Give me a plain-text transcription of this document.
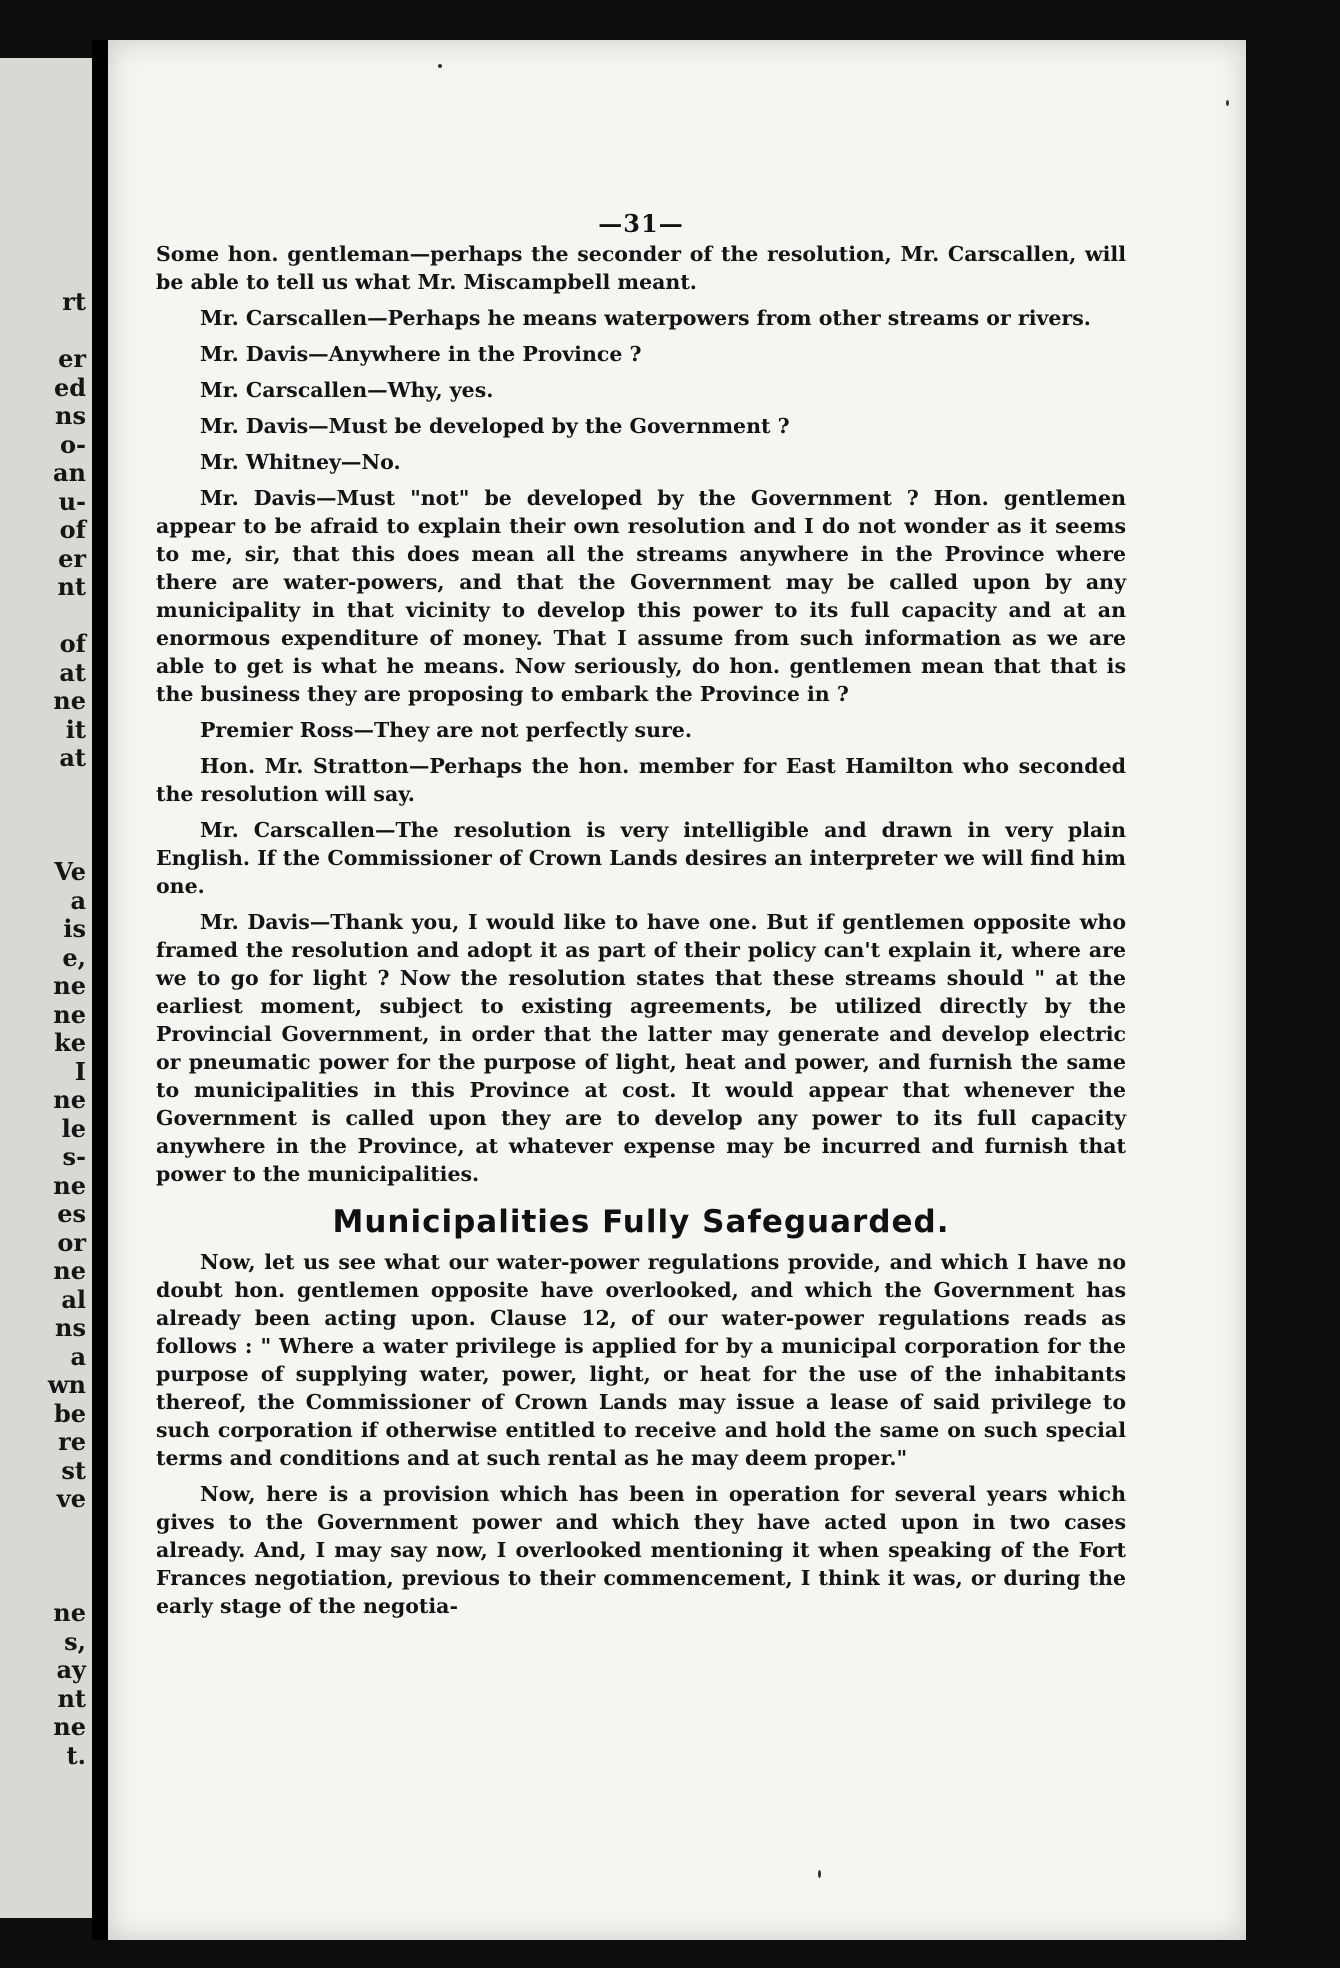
rt
er
ed
ns
o-
an
u-
of
er
nt
of
at
ne
it
at
Ve
a
is
e,
ne
ne
ke
I
ne
le
s-
ne
es
or
ne
al
ns
a
wn
be
re
st
ve
ne
s,
ay
nt
ne
t.
—31—

Some hon. gentleman—perhaps the seconder of the resolution, Mr. Carscallen, will be able to tell us what Mr. Miscampbell meant.

Mr. Carscallen—Perhaps he means waterpowers from other streams or rivers.

Mr. Davis—Anywhere in the Province ?

Mr. Carscallen—Why, yes.

Mr. Davis—Must be developed by the Government ?

Mr. Whitney—No.

Mr. Davis—Must "not" be developed by the Government ? Hon. gentlemen appear to be afraid to explain their own resolution and I do not wonder as it seems to me, sir, that this does mean all the streams anywhere in the Province where there are water-powers, and that the Government may be called upon by any municipality in that vicinity to develop this power to its full capacity and at an enormous expenditure of money. That I assume from such information as we are able to get is what he means. Now seriously, do hon. gentlemen mean that that is the business they are proposing to embark the Province in ?

Premier Ross—They are not perfectly sure.

Hon. Mr. Stratton—Perhaps the hon. member for East Hamilton who seconded the resolution will say.

Mr. Carscallen—The resolution is very intelligible and drawn in very plain English. If the Commissioner of Crown Lands desires an interpreter we will find him one.

Mr. Davis—Thank you, I would like to have one. But if gentlemen opposite who framed the resolution and adopt it as part of their policy can't explain it, where are we to go for light ? Now the resolution states that these streams should " at the earliest moment, subject to existing agreements, be utilized directly by the Provincial Government, in order that the latter may generate and develop electric or pneumatic power for the purpose of light, heat and power, and furnish the same to municipalities in this Province at cost. It would appear that whenever the Government is called upon they are to develop any power to its full capacity anywhere in the Province, at whatever expense may be incurred and furnish that power to the municipalities.

Municipalities Fully Safeguarded.

Now, let us see what our water-power regulations provide, and which I have no doubt hon. gentlemen opposite have overlooked, and which the Government has already been acting upon. Clause 12, of our water-power regulations reads as follows : " Where a water privilege is applied for by a municipal corporation for the purpose of supplying water, power, light, or heat for the use of the inhabitants thereof, the Commissioner of Crown Lands may issue a lease of said privilege to such corporation if otherwise entitled to receive and hold the same on such special terms and conditions and at such rental as he may deem proper."

Now, here is a provision which has been in operation for several years which gives to the Government power and which they have acted upon in two cases already. And, I may say now, I overlooked mentioning it when speaking of the Fort Frances negotiation, previous to their commencement, I think it was, or during the early stage of the negotia-
